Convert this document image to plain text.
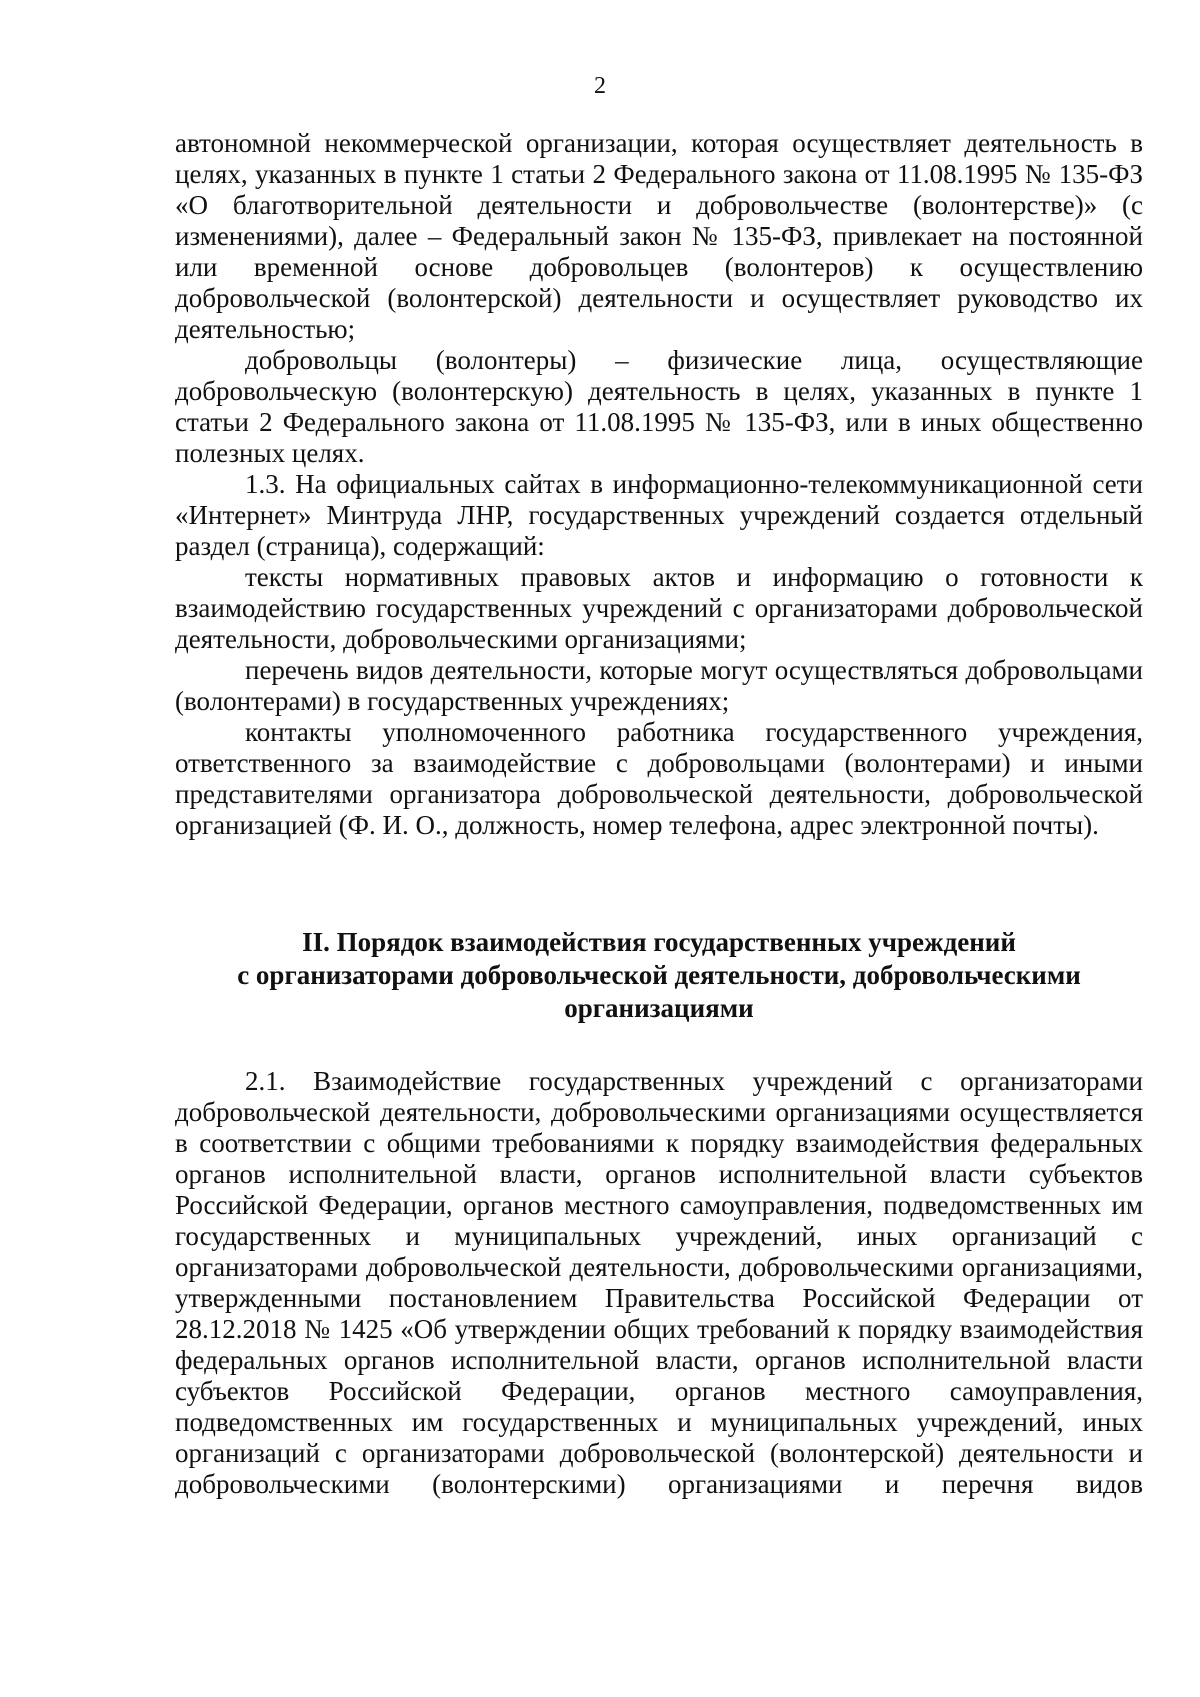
2

автономной некоммерческой организации, которая осуществляет деятельность в целях, указанных в пункте 1 статьи 2 Федерального закона от 11.08.1995 № 135-ФЗ «О благотворительной деятельности и добровольчестве (волонтерстве)» (с изменениями), далее – Федеральный закон № 135-ФЗ, привлекает на постоянной или временной основе добровольцев (волонтеров) к осуществлению добровольческой (волонтерской) деятельности и осуществляет руководство их деятельностью;

добровольцы (волонтеры) – физические лица, осуществляющие добровольческую (волонтерскую) деятельность в целях, указанных в пункте 1 статьи 2 Федерального закона от 11.08.1995 № 135-ФЗ, или в иных общественно полезных целях.

1.3. На официальных сайтах в информационно-телекоммуникационной сети «Интернет» Минтруда ЛНР, государственных учреждений создается отдельный раздел (страница), содержащий:

тексты нормативных правовых актов и информацию о готовности к взаимодействию государственных учреждений с организаторами добровольческой деятельности, добровольческими организациями;

перечень видов деятельности, которые могут осуществляться добровольцами (волонтерами) в государственных учреждениях;

контакты уполномоченного работника государственного учреждения, ответственного за взаимодействие с добровольцами (волонтерами) и иными представителями организатора добровольческой деятельности, добровольческой организацией (Ф. И. О., должность, номер телефона, адрес электронной почты).

II. Порядок взаимодействия государственных учреждений
с организаторами добровольческой деятельности, добровольческими
организациями

2.1. Взаимодействие государственных учреждений с организаторами добровольческой деятельности, добровольческими организациями осуществляется в соответствии с общими требованиями к порядку взаимодействия федеральных органов исполнительной власти, органов исполнительной власти субъектов Российской Федерации, органов местного самоуправления, подведомственных им государственных и муниципальных учреждений, иных организаций с организаторами добровольческой деятельности, добровольческими организациями, утвержденными постановлением Правительства Российской Федерации от 28.12.2018 № 1425 «Об утверждении общих требований к порядку взаимодействия федеральных органов исполнительной власти, органов исполнительной власти субъектов Российской Федерации, органов местного самоуправления, подведомственных им государственных и муниципальных учреждений, иных организаций с организаторами добровольческой (волонтерской) деятельности и добровольческими (волонтерскими) организациями и перечня видов
